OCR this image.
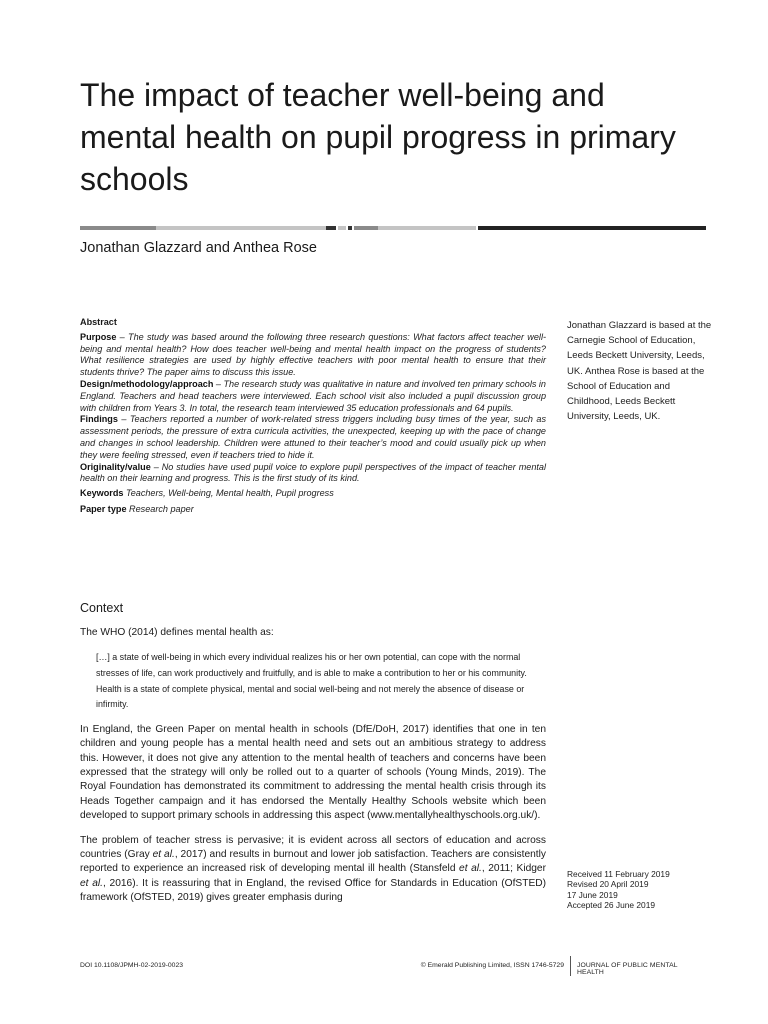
The impact of teacher well-being and mental health on pupil progress in primary schools

Jonathan Glazzard and Anthea Rose

Abstract

Purpose – The study was based around the following three research questions: What factors affect teacher well-being and mental health? How does teacher well-being and mental health impact on the progress of students? What resilience strategies are used by highly effective teachers with poor mental health to ensure that their students thrive? The paper aims to discuss this issue.

Design/methodology/approach – The research study was qualitative in nature and involved ten primary schools in England. Teachers and head teachers were interviewed. Each school visit also included a pupil discussion group with children from Years 3. In total, the research team interviewed 35 education professionals and 64 pupils.

Findings – Teachers reported a number of work-related stress triggers including busy times of the year, such as assessment periods, the pressure of extra curricula activities, the unexpected, keeping up with the pace of change and changes in school leadership. Children were attuned to their teacher’s mood and could usually pick up when they were feeling stressed, even if teachers tried to hide it.

Originality/value – No studies have used pupil voice to explore pupil perspectives of the impact of teacher mental health on their learning and progress. This is the first study of its kind.

Keywords Teachers, Well-being, Mental health, Pupil progress

Paper type Research paper

Jonathan Glazzard is based at the Carnegie School of Education, Leeds Beckett University, Leeds, UK. Anthea Rose is based at the School of Education and Childhood, Leeds Beckett University, Leeds, UK.

Context

The WHO (2014) defines mental health as:

[…] a state of well-being in which every individual realizes his or her own potential, can cope with the normal stresses of life, can work productively and fruitfully, and is able to make a contribution to her or his community. Health is a state of complete physical, mental and social well-being and not merely the absence of disease or infirmity.

In England, the Green Paper on mental health in schools (DfE/DoH, 2017) identifies that one in ten children and young people has a mental health need and sets out an ambitious strategy to address this. However, it does not give any attention to the mental health of teachers and concerns have been expressed that the strategy will only be rolled out to a quarter of schools (Young Minds, 2019). The Royal Foundation has demonstrated its commitment to addressing the mental health crisis through its Heads Together campaign and it has endorsed the Mentally Healthy Schools website which been developed to support primary schools in addressing this aspect (www.mentallyhealthyschools.org.uk/).

The problem of teacher stress is pervasive; it is evident across all sectors of education and across countries (Gray et al., 2017) and results in burnout and lower job satisfaction. Teachers are consistently reported to experience an increased risk of developing mental ill health (Stansfeld et al., 2011; Kidger et al., 2016). It is reassuring that in England, the revised Office for Standards in Education (OfSTED) framework (OfSTED, 2019) gives greater emphasis during

Received 11 February 2019

Revised 20 April 2019

17 June 2019

Accepted 26 June 2019

DOI 10.1108/JPMH-02-2019-0023	© Emerald Publishing Limited, ISSN 1746-5729 JOURNAL OF PUBLIC MENTAL HEALTH
